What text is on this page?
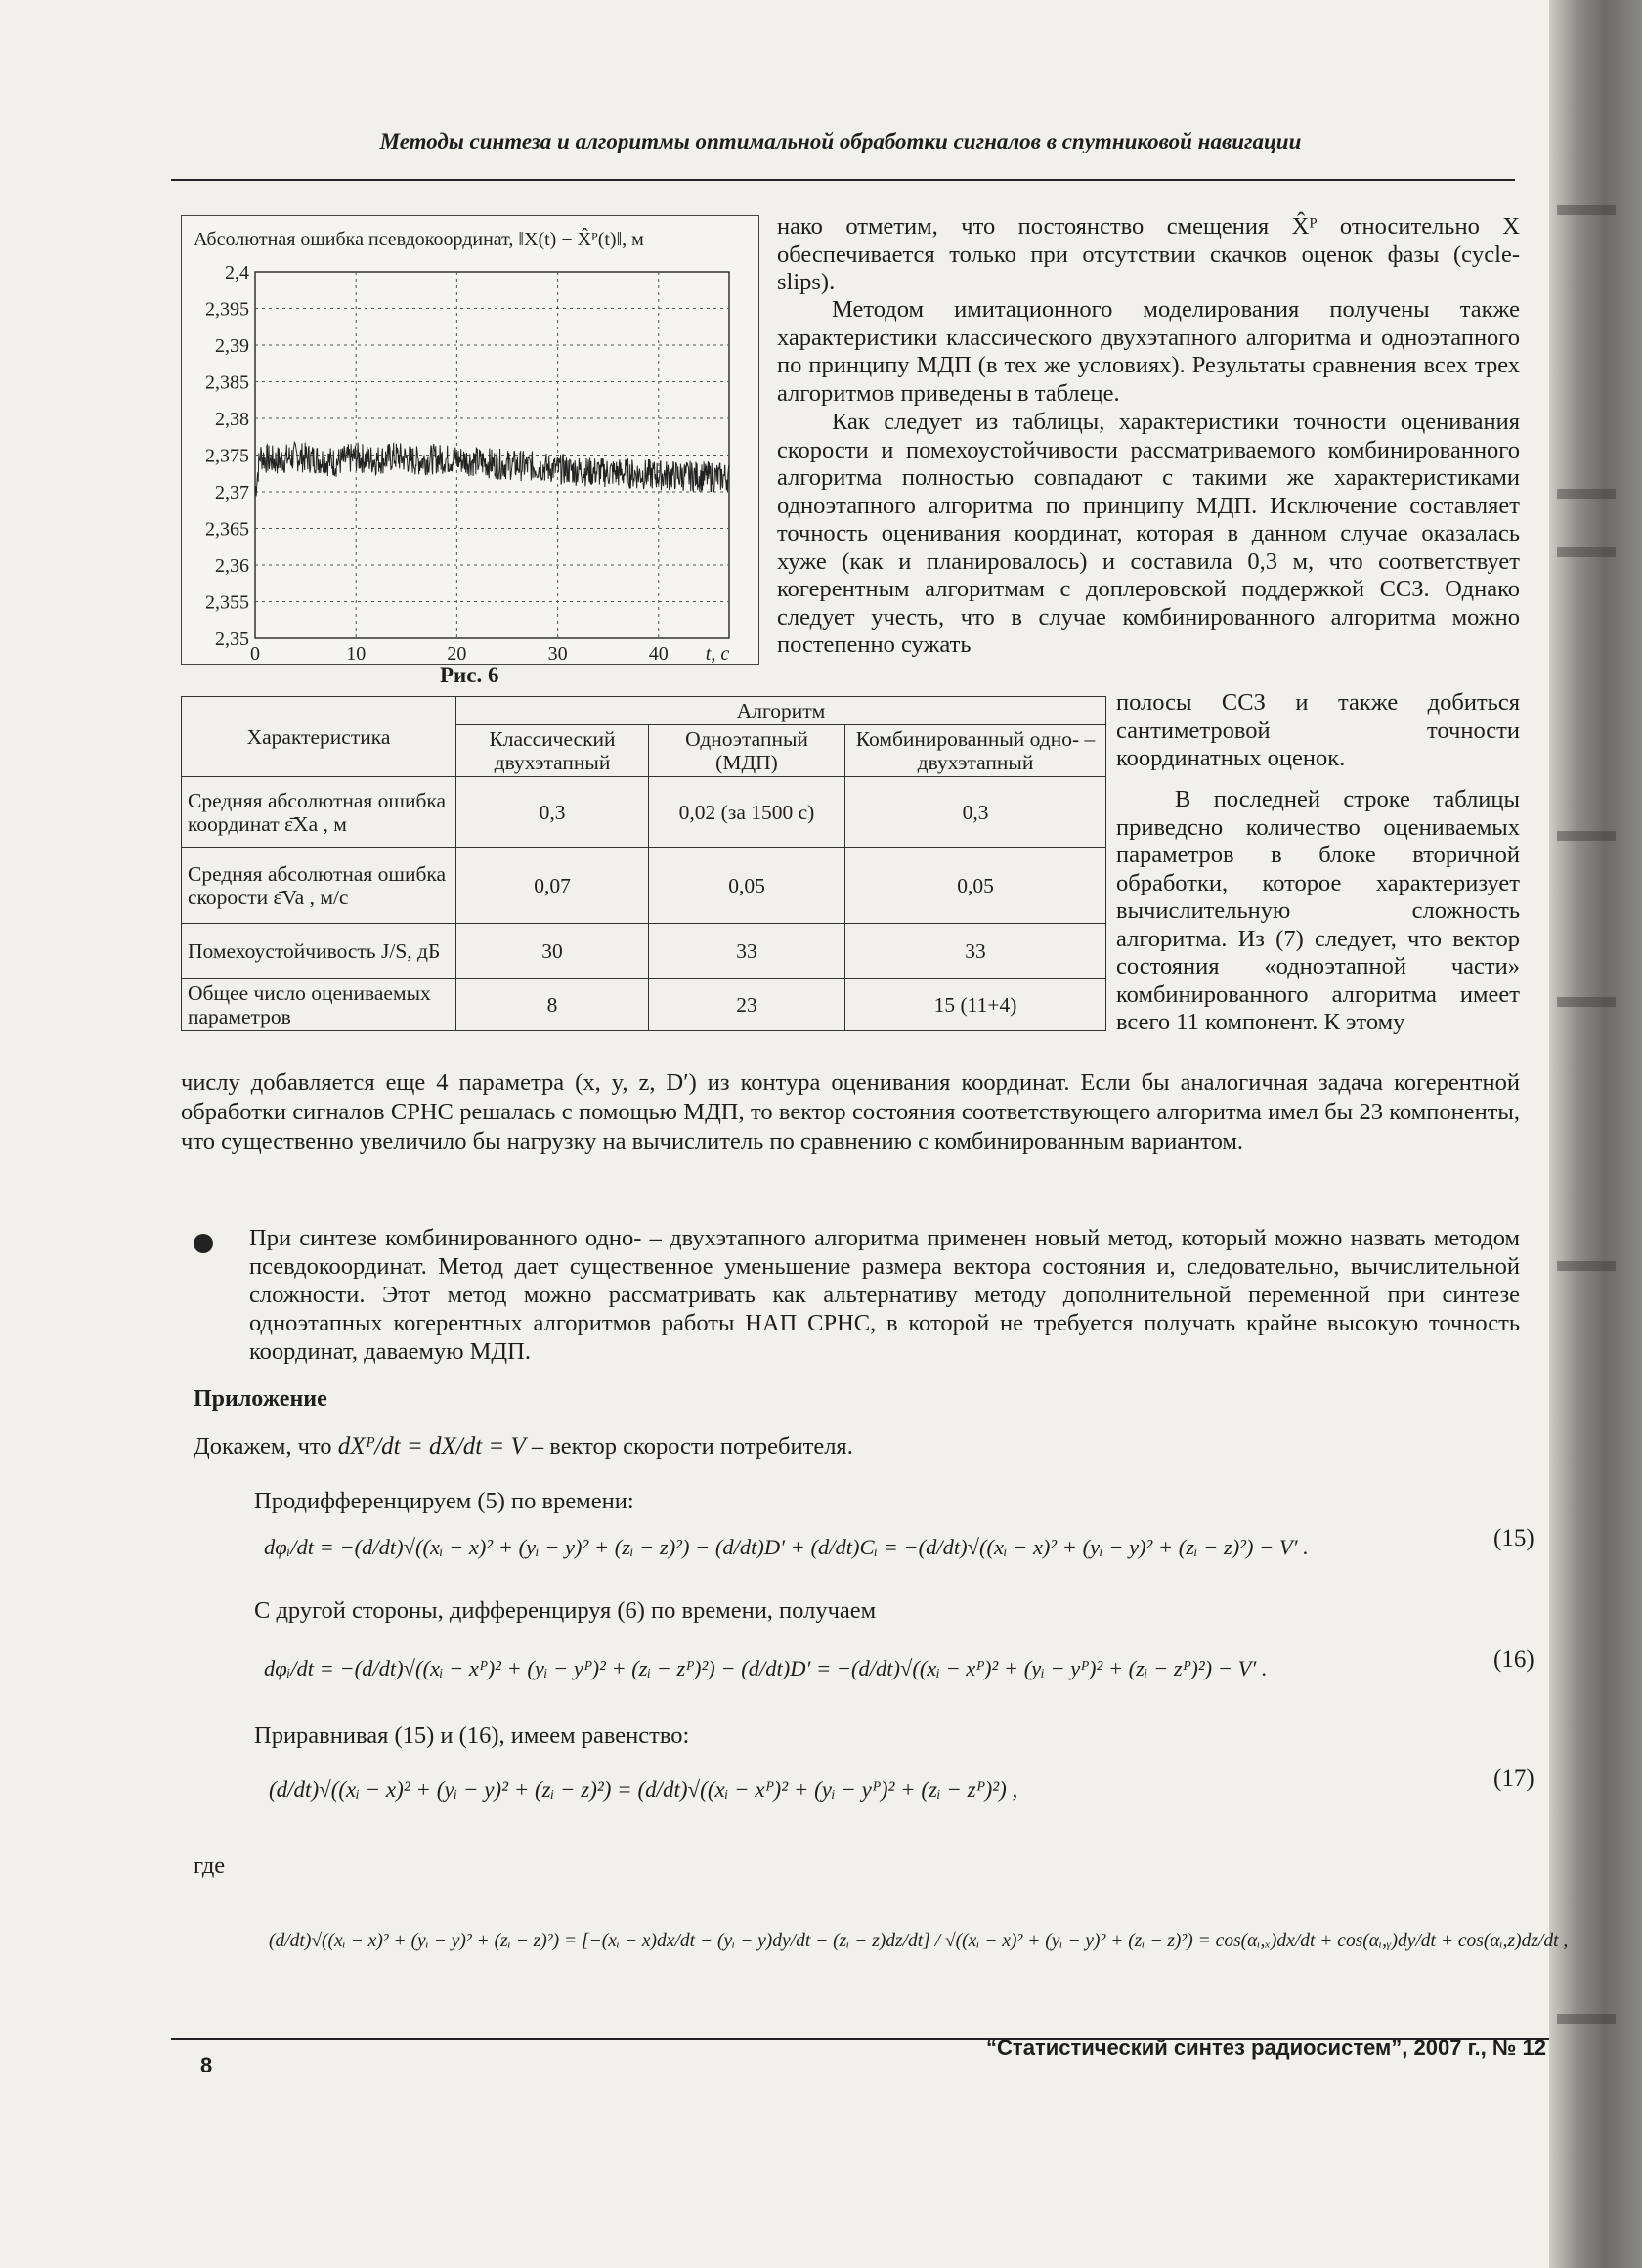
Методы синтеза и алгоритмы оптимальной обработки сигналов в спутниковой навигации
Абсолютная ошибка псевдокоординат, ‖X(t) − X̂ᴾ(t)‖, м
2,35
2,355
2,36
2,365
2,37
2,375
2,38
2,385
2,39
2,395
2,4
0	10	20	30	40 t, с
Рис. 6
нако отметим, что постоянство смещения X̂ᴾ относительно X обеспечивается только при отсутствии скачков оценок фазы (cycle-slips).
Методом имитационного моделирования получены также характеристики классического двухэтапного алгоритма и одноэтапного по принципу МДП (в тех же условиях). Результаты сравнения всех трех алгоритмов приведены в таблеце.
Как следует из таблицы, характеристики точности оценивания скорости и помехоустойчивости рассматриваемого комбинированного алгоритма полностью совпадают с такими же характеристиками одноэтапного алгоритма по принципу МДП. Исключение составляет точность оценивания координат, которая в данном случае оказалась хуже (как и планировалось) и составила 0,3 м, что соответствует когерентным алгоритмам с доплеровской поддержкой ССЗ. Однако следует учесть, что в случае комбинированного алгоритма можно постепенно сужать
полосы ССЗ и также добиться сантиметровой точности координатных оценок.
В последней строке таблицы приведсно количество оцениваемых параметров в блоке вторичной обработки, которое характеризует вычислительную сложность алгоритма. Из (7) следует, что вектор состояния «одноэтапной части» комбинированного алгоритма имеет всего 11 компонент. К этому
Характеристика	Алгоритм		
	Классический двухэтапный	Одноэтапный (МДП)	Комбинированный одно- – двухэтапный
Средняя абсолютная ошибка координат ε̄Xa , м	0,3	0,02 (за 1500 с)	0,3
Средняя абсолютная ошибка скорости ε̄Va , м/с	0,07	0,05	0,05
Помехоустойчивость J/S, дБ	30	33	33
Общее число оцениваемых параметров	8	23	15 (11+4)
числу добавляется еще 4 параметра (x, y, z, D′) из контура оценивания координат. Если бы аналогичная задача когерентной обработки сигналов СРНС решалась с помощью МДП, то вектор состояния соответствующего алгоритма имел бы 23 компоненты, что существенно увеличило бы нагрузку на вычислитель по сравнению с комбинированным вариантом.
При синтезе комбинированного одно- – двухэтапного алгоритма применен новый метод, который можно назвать методом псевдокоординат. Метод дает существенное уменьшение размера вектора состояния и, следовательно, вычислительной сложности. Этот метод можно рассматривать как альтернативу методу дополнительной переменной при синтезе одноэтапных когерентных алгоритмов работы НАП СРНС, в которой не требуется получать крайне высокую точность координат, даваемую МДП.
Приложение
Докажем, что dXᴾ/dt = dX/dt = V – вектор скорости потребителя.
Продифференцируем (5) по времени:
dφᵢ/dt = −(d/dt)√((xᵢ − x)² + (yᵢ − y)² + (zᵢ − z)²) − (d/dt)D′ + (d/dt)Cᵢ = −(d/dt)√((xᵢ − x)² + (yᵢ − y)² + (zᵢ − z)²) − V′ .	(15)
С другой стороны, дифференцируя (6) по времени, получаем
dφᵢ/dt = −(d/dt)√((xᵢ − xᴾ)² + (yᵢ − yᴾ)² + (zᵢ − zᴾ)²) − (d/dt)D′ = −(d/dt)√((xᵢ − xᴾ)² + (yᵢ − yᴾ)² + (zᵢ − zᴾ)²) − V′ .	(16)
Приравнивая (15) и (16), имеем равенство:
(d/dt)√((xᵢ − x)² + (yᵢ − y)² + (zᵢ − z)²) = (d/dt)√((xᵢ − xᴾ)² + (yᵢ − yᴾ)² + (zᵢ − zᴾ)²) ,	(17)
где
(d/dt)√((xᵢ − x)² + (yᵢ − y)² + (zᵢ − z)²) = [−(xᵢ − x)dx/dt − (yᵢ − y)dy/dt − (zᵢ − z)dz/dt] / √((xᵢ − x)² + (yᵢ − y)² + (zᵢ − z)²) = cos(αᵢ,ₓ)dx/dt + cos(αᵢ,ᵧ)dy/dt + cos(αᵢ,z)dz/dt ,
8
“Статистический синтез радиосистем”, 2007 г., № 12
